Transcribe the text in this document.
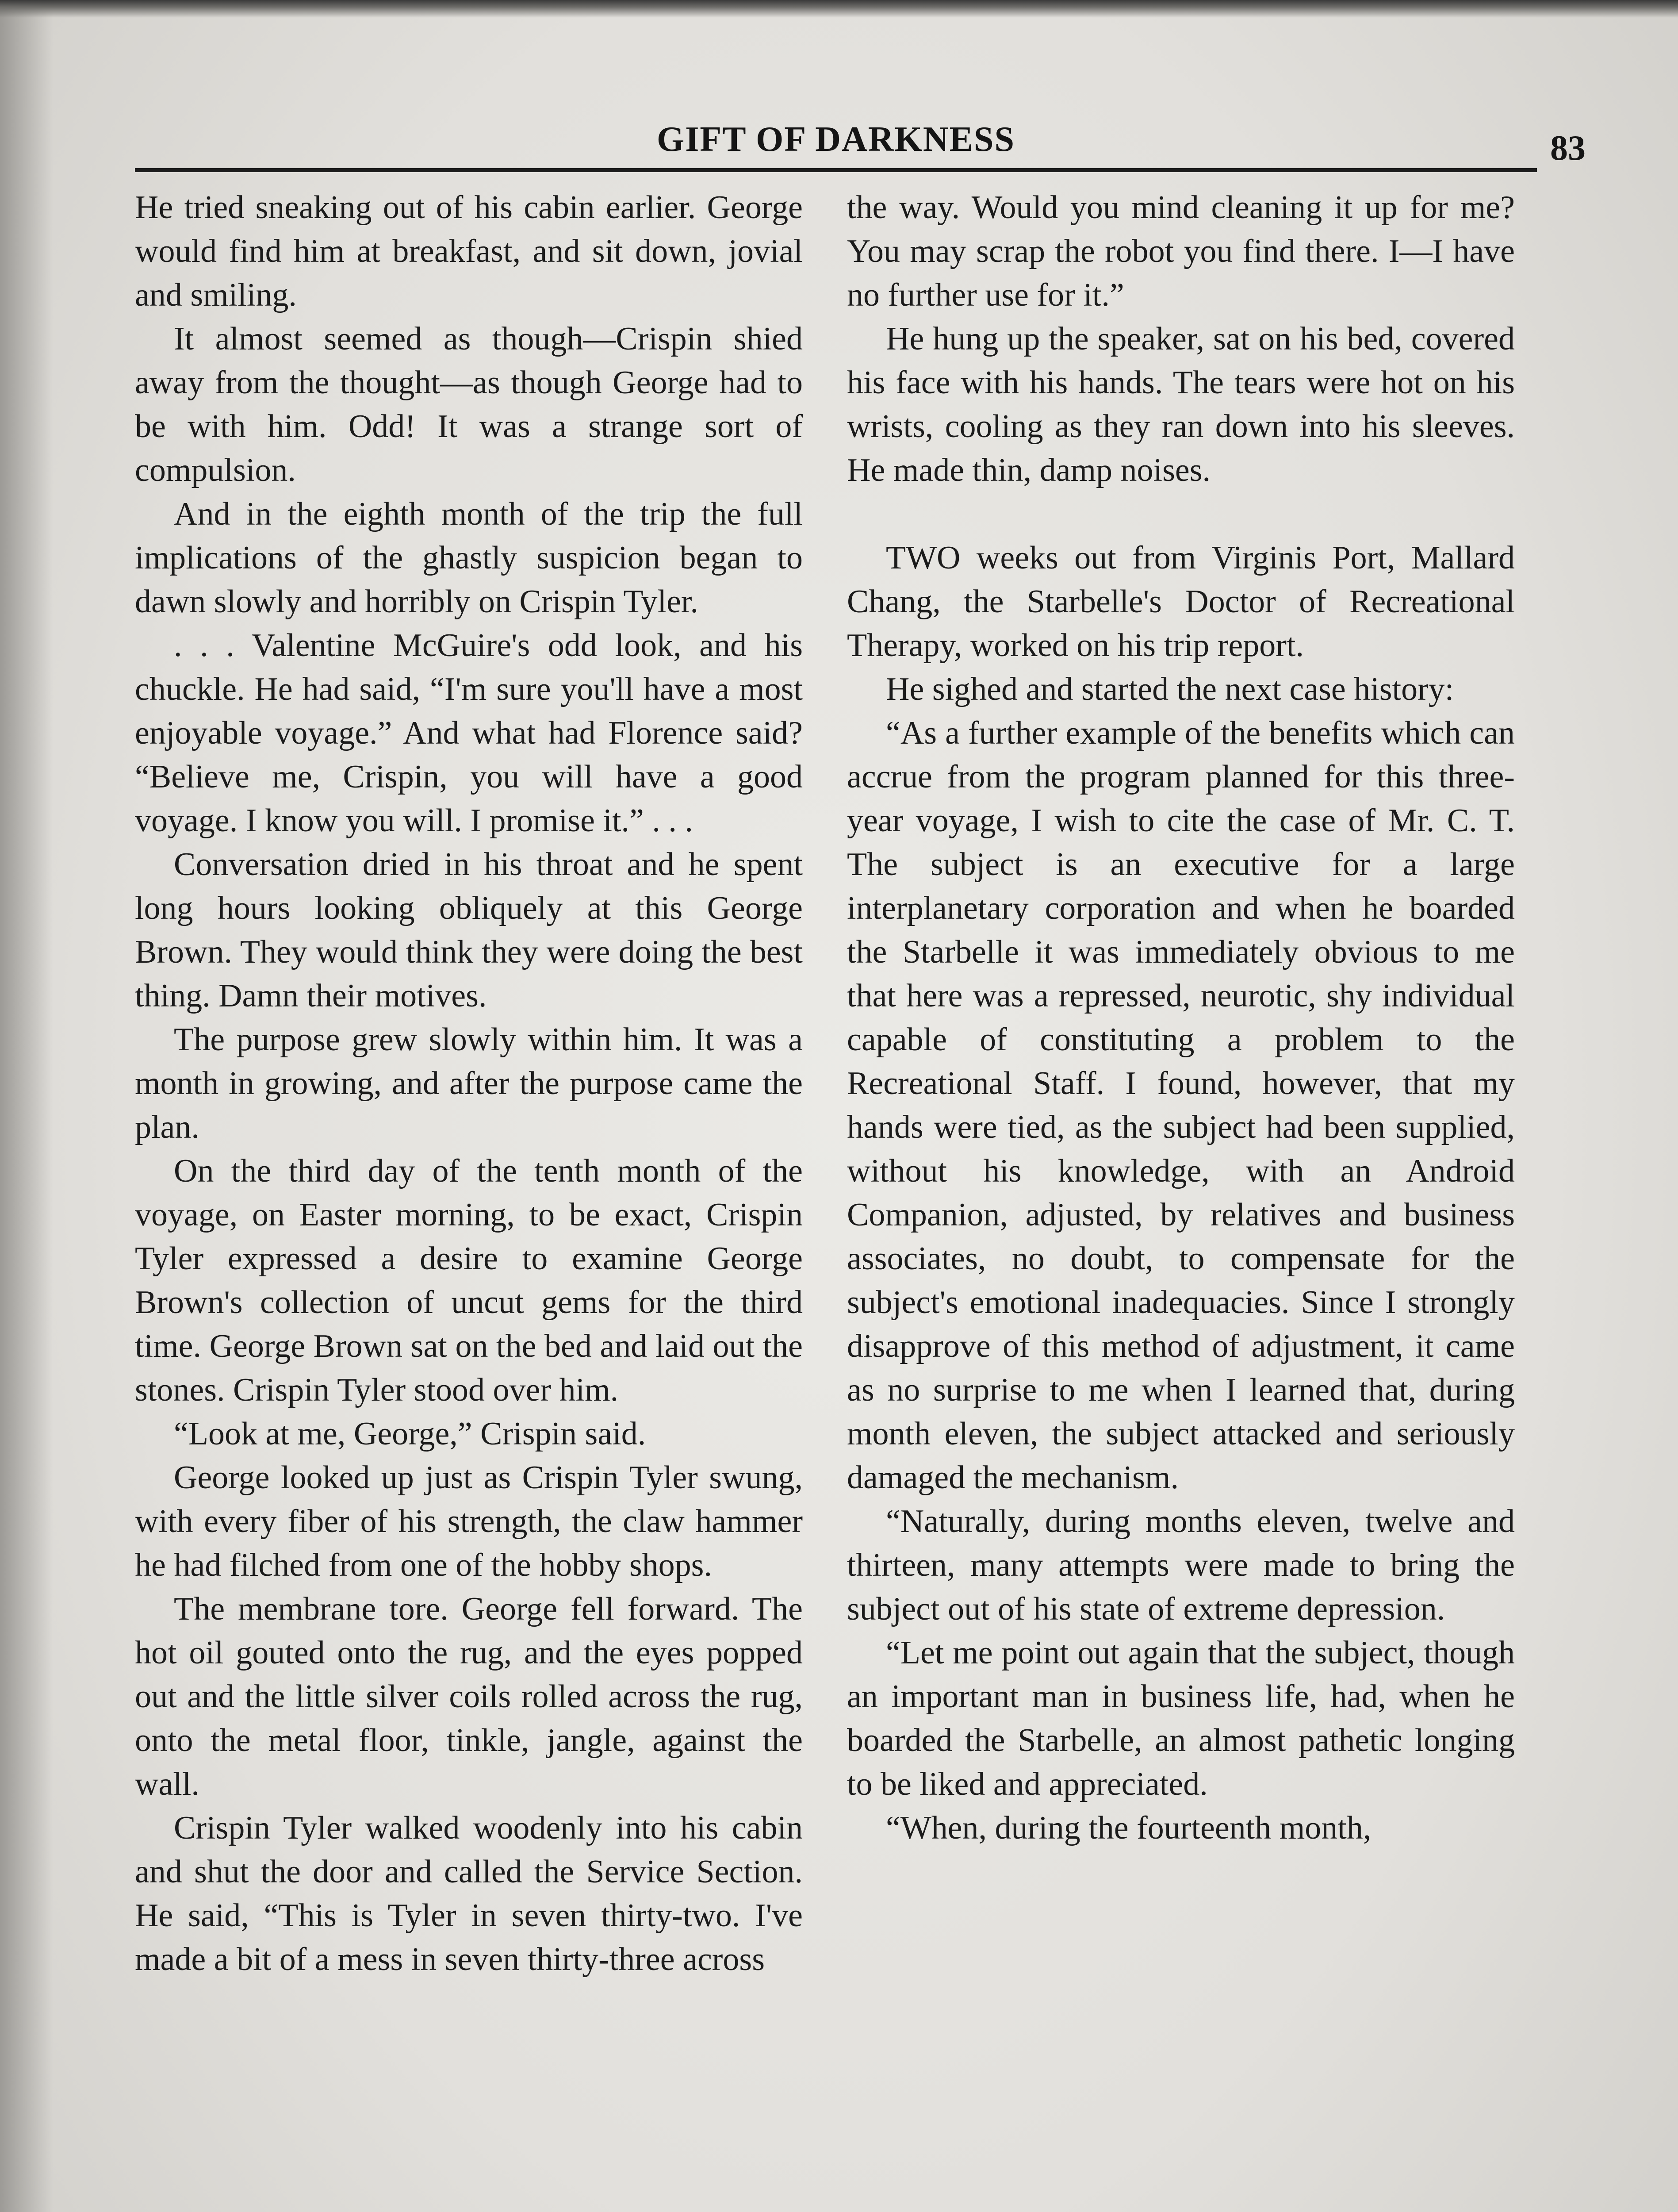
GIFT OF DARKNESS	83

He tried sneaking out of his cabin earlier. George would find him at breakfast, and sit down, jovial and smiling.

It almost seemed as though—Crispin shied away from the thought—as though George had to be with him. Odd! It was a strange sort of compulsion.

And in the eighth month of the trip the full implications of the ghastly suspicion began to dawn slowly and horribly on Crispin Tyler.

. . . Valentine McGuire's odd look, and his chuckle. He had said, “I'm sure you'll have a most enjoyable voyage.” And what had Florence said? “Believe me, Crispin, you will have a good voyage. I know you will. I promise it.” . . .

Conversation dried in his throat and he spent long hours looking obliquely at this George Brown. They would think they were doing the best thing. Damn their motives.

The purpose grew slowly within him. It was a month in growing, and after the purpose came the plan.

On the third day of the tenth month of the voyage, on Easter morning, to be exact, Crispin Tyler expressed a desire to examine George Brown's collection of uncut gems for the third time. George Brown sat on the bed and laid out the stones. Crispin Tyler stood over him.

“Look at me, George,” Crispin said.

George looked up just as Crispin Tyler swung, with every fiber of his strength, the claw hammer he had filched from one of the hobby shops.

The membrane tore. George fell forward. The hot oil gouted onto the rug, and the eyes popped out and the little silver coils rolled across the rug, onto the metal floor, tinkle, jangle, against the wall.

Crispin Tyler walked woodenly into his cabin and shut the door and called the Service Section. He said, “This is Tyler in seven thirty-two. I've made a bit of a mess in seven thirty-three across

the way. Would you mind cleaning it up for me? You may scrap the robot you find there. I—I have no further use for it.”

He hung up the speaker, sat on his bed, covered his face with his hands. The tears were hot on his wrists, cooling as they ran down into his sleeves. He made thin, damp noises.

TWO weeks out from Virginis Port, Mallard Chang, the Starbelle's Doctor of Recreational Therapy, worked on his trip report.

He sighed and started the next case history:

“As a further example of the benefits which can accrue from the program planned for this three-year voyage, I wish to cite the case of Mr. C. T. The subject is an executive for a large interplanetary corporation and when he boarded the Starbelle it was immediately obvious to me that here was a repressed, neurotic, shy individual capable of constituting a problem to the Recreational Staff. I found, however, that my hands were tied, as the subject had been supplied, without his knowledge, with an Android Companion, adjusted, by relatives and business associates, no doubt, to compensate for the subject's emotional inadequacies. Since I strongly disapprove of this method of adjustment, it came as no surprise to me when I learned that, during month eleven, the subject attacked and seriously damaged the mechanism.

“Naturally, during months eleven, twelve and thirteen, many attempts were made to bring the subject out of his state of extreme depression.

“Let me point out again that the subject, though an important man in business life, had, when he boarded the Starbelle, an almost pathetic longing to be liked and appreciated.

“When, during the fourteenth month,
